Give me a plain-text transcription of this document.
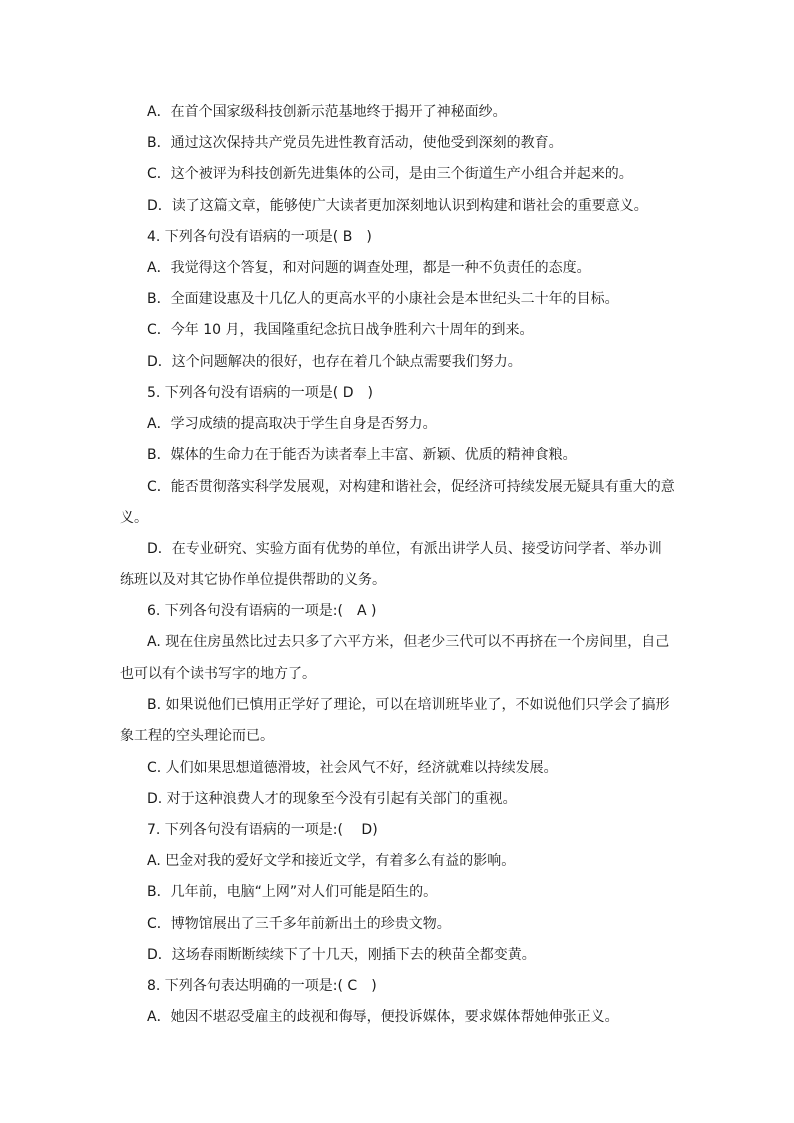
A．在首个国家级科技创新示范基地终于揭开了神秘面纱。
B．通过这次保持共产党员先进性教育活动，使他受到深刻的教育。
C．这个被评为科技创新先进集体的公司，是由三个街道生产小组合并起来的。
D．读了这篇文章，能够使广大读者更加深刻地认识到构建和谐社会的重要意义。
4. 下列各句没有语病的一项是( B　)
A．我觉得这个答复，和对问题的调查处理，都是一种不负责任的态度。
B．全面建设惠及十几亿人的更高水平的小康社会是本世纪头二十年的目标。
C．今年 10 月，我国隆重纪念抗日战争胜利六十周年的到来。
D．这个问题解决的很好，也存在着几个缺点需要我们努力。
5. 下列各句没有语病的一项是( D　)
A．学习成绩的提高取决于学生自身是否努力。
B．媒体的生命力在于能否为读者奉上丰富、新颖、优质的精神食粮。
C．能否贯彻落实科学发展观，对构建和谐社会，促经济可持续发展无疑具有重大的意
义。
D．在专业研究、实验方面有优势的单位，有派出讲学人员、接受访问学者、举办训
练班以及对其它协作单位提供帮助的义务。
6. 下列各句没有语病的一项是:(　A )
A. 现在住房虽然比过去只多了六平方米，但老少三代可以不再挤在一个房间里，自己
也可以有个读书写字的地方了。
B. 如果说他们已慎用正学好了理论，可以在培训班毕业了，不如说他们只学会了搞形
象工程的空头理论而已。
C. 人们如果思想道德滑坡，社会风气不好，经济就难以持续发展。
D. 对于这种浪费人才的现象至今没有引起有关部门的重视。
7. 下列各句没有语病的一项是:(　 D)
A. 巴金对我的爱好文学和接近文学，有着多么有益的影响。
B．几年前，电脑“上网”对人们可能是陌生的。
C．博物馆展出了三千多年前新出土的珍贵文物。
D．这场春雨断断续续下了十几天，刚插下去的秧苗全都变黄。
8. 下列各句表达明确的一项是:( C　)
A．她因不堪忍受雇主的歧视和侮辱，便投诉媒体，要求媒体帮她伸张正义。
